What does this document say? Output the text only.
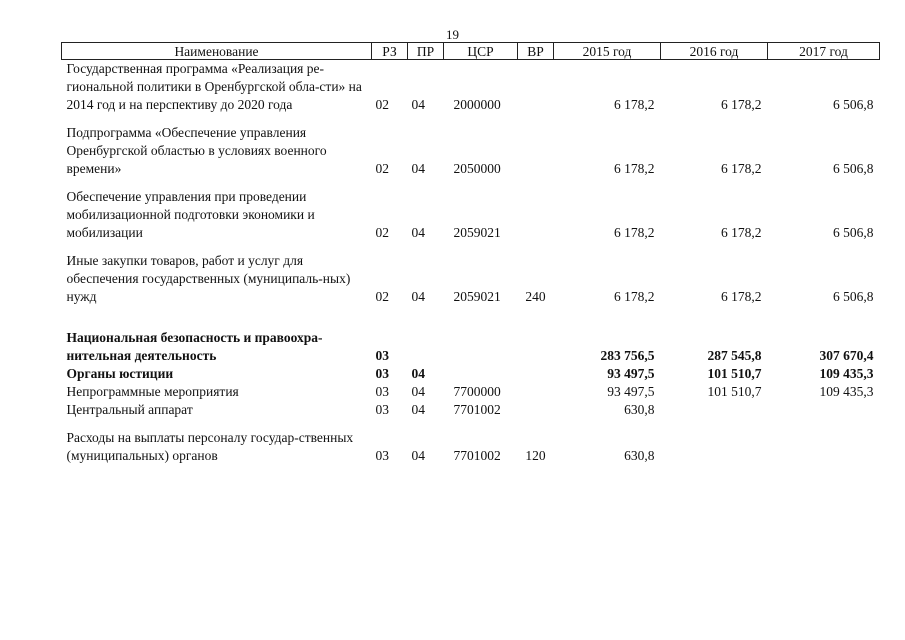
19
Наименование	РЗ	ПР	ЦСР	ВР	2015 год	2016 год	2017 год
Государственная программа «Реализация ре-гиональной политики в Оренбургской обла-сти» на 2014 год и на перспективу до 2020 года	02	04	2000000		6 178,2	6 178,2	6 506,8
Подпрограмма «Обеспечение управления Оренбургской областью в условиях военного времени»	02	04	2050000		6 178,2	6 178,2	6 506,8
Обеспечение управления при проведении мобилизационной подготовки экономики и мобилизации	02	04	2059021		6 178,2	6 178,2	6 506,8
Иные закупки товаров, работ и услуг для обеспечения государственных (муниципаль-ных) нужд	02	04	2059021	240	6 178,2	6 178,2	6 506,8
Национальная безопасность и правоохра-нительная деятельность	03				283 756,5	287 545,8	307 670,4
Органы юстиции	03	04			93 497,5	101 510,7	109 435,3
Непрограммные мероприятия	03	04	7700000		93 497,5	101 510,7	109 435,3
Центральный аппарат	03	04	7701002		630,8		
Расходы на выплаты персоналу государ-ственных (муниципальных) органов	03	04	7701002	120	630,8		
